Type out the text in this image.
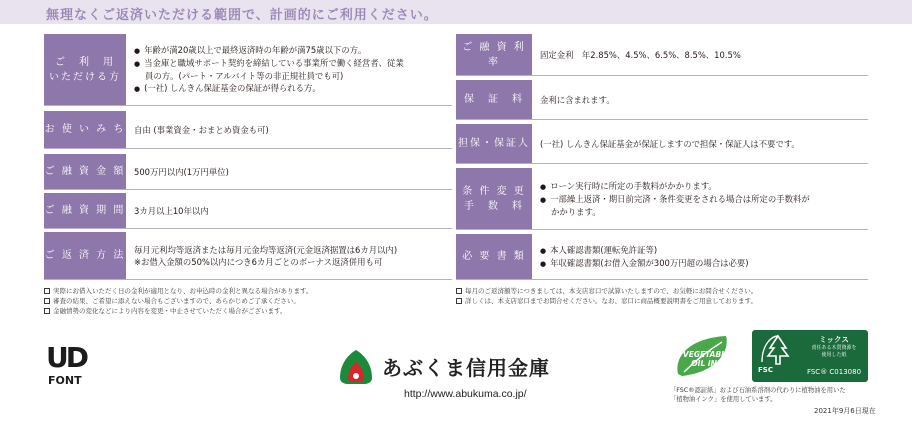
無理なくご返済いただける範囲で、計画的にご利用ください。
ご　利　用
いただける方
● 年齢が満20歳以上で最終返済時の年齢が満75歳以下の方。
● 当金庫と職域サポート契約を締結している事業所で働く経営者、従業
員の方。(パート・アルバイト等の非正規社員でも可)
● (一社) しんきん保証基金の保証が得られる方。
お 使 い み ち 自由 (事業資金・おまとめ資金も可)
ご 融 資 金 額 500万円以内(1万円単位)
ご 融 資 期 間 3カ月以上10年以内
ご 返 済 方 法
毎月元利均等返済または毎月元金均等返済(元金返済据置は6カ月以内)
※お借入金額の50%以内につき6カ月ごとのボーナス返済併用も可
ご 融 資 利 率
固定金利　年2.85%、4.5%、6.5%、8.5%、10.5%
保　証　料 金利に含まれます。
担保・保証人 (一社) しんきん保証基金が保証しますので担保・保証人は不要です。
条 件 変 更
手　数　料
● ローン実行時に所定の手数料がかかります。
● 一部繰上返済・期日前完済・条件変更をされる場合は所定の手数料が
かかります。
必 要 書 類
● 本人確認書類(運転免許証等)
● 年収確認書類(お借入金額が300万円超の場合は必要)
実際にお借入いただく日の金利が適用となり、お申込時の金利と異なる場合があります。
審査の結果、ご希望に添えない場合もございますので、あらかじめご了承ください。
金融情勢の変化などにより内容を変更・中止させていただく場合がございます。
毎月のご返済額等につきましては、本支店窓口で試算いたしますので、お気軽にお問合せください。
詳しくは、本支店窓口までお問合せください。なお、窓口に商品概要説明書をご用意しております。
UD
FONT
あぶくま信用金庫
http://www.abukuma.co.jp/
VEGETABLE
OIL INK
ミックス
責任ある木質資源を
使用した紙
FSC	FSC® C013080
「FSC®認証紙」および石油系溶剤の代わりに植物油を用いた
「植物油インク」を使用しています。
2021年9月6日現在
